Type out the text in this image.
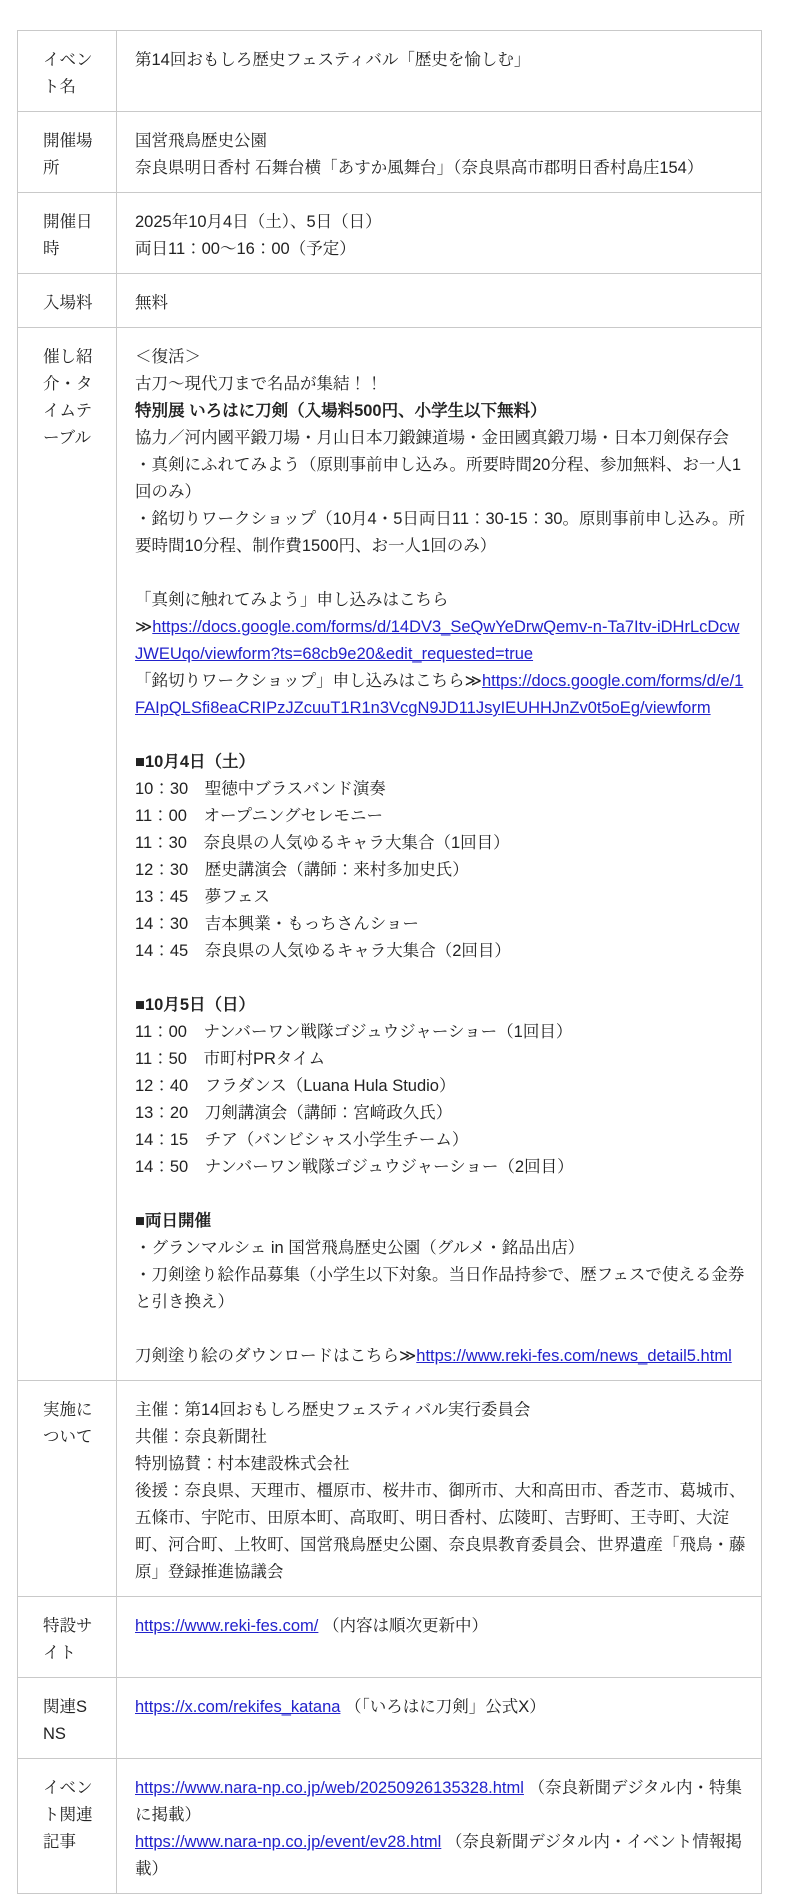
イベント名	第14回おもしろ歴史フェスティバル「歴史を愉しむ」

開催場所	国営飛鳥歴史公園
奈良県明日香村 石舞台横「あすか風舞台」（奈良県高市郡明日香村島庄154）

開催日時	2025年10月4日（土）、5日（日）
両日11：00～16：00（予定）

入場料	無料

催し紹介・タイムテーブル	
＜復活＞
古刀～現代刀まで名品が集結！！
特別展 いろはに刀剣（入場料500円、小学生以下無料）
協力／河内國平鍛刀場・月山日本刀鍛錬道場・金田國真鍛刀場・日本刀剣保存会
・真剣にふれてみよう（原則事前申し込み。所要時間20分程、参加無料、お一人1回のみ）
・銘切りワークショップ（10月4・5日両日11：30-15：30。原則事前申し込み。所要時間10分程、制作費1500円、お一人1回のみ）
「真剣に触れてみよう」申し込みはこちら
≫https://docs.google.com/forms/d/14DV3_SeQwYeDrwQemv-n-Ta7Itv-iDHrLcDcwJWEUqo/viewform?ts=68cb9e20&edit_requested=true
「銘切りワークショップ」申し込みはこちら≫https://docs.google.com/forms/d/e/1FAIpQLSfi8eaCRIPzJZcuuT1R1n3VcgN9JD11JsyIEUHHJnZv0t5oEg/viewform
■10月4日（土）
10：30　聖徳中ブラスバンド演奏
11：00　オープニングセレモニー
11：30　奈良県の人気ゆるキャラ大集合（1回目）
12：30　歴史講演会（講師：来村多加史氏）
13：45　夢フェス
14：30　吉本興業・もっちさんショー
14：45　奈良県の人気ゆるキャラ大集合（2回目）
■10月5日（日）
11：00　ナンバーワン戦隊ゴジュウジャーショー（1回目）
11：50　市町村PRタイム
12：40　フラダンス（Luana Hula Studio）
13：20　刀剣講演会（講師：宮﨑政久氏）
14：15　チア（バンビシャス小学生チーム）
14：50　ナンバーワン戦隊ゴジュウジャーショー（2回目）
■両日開催
・グランマルシェ in 国営飛鳥歴史公園（グルメ・銘品出店）
・刀剣塗り絵作品募集（小学生以下対象。当日作品持参で、歴フェスで使える金券と引き換え）
刀剣塗り絵のダウンロードはこちら≫https://www.reki-fes.com/news_detail5.html

実施について	主催：第14回おもしろ歴史フェスティバル実行委員会
共催：奈良新聞社
特別協賛：村本建設株式会社
後援：奈良県、天理市、橿原市、桜井市、御所市、大和高田市、香芝市、葛城市、五條市、宇陀市、田原本町、高取町、明日香村、広陵町、吉野町、王寺町、大淀町、河合町、上牧町、国営飛鳥歴史公園、奈良県教育委員会、世界遺産「飛鳥・藤原」登録推進協議会

特設サイト	https://www.reki-fes.com/ （内容は順次更新中）

関連SNS	https://x.com/rekifes_katana （「いろはに刀剣」公式X）

イベント関連記事	https://www.nara-np.co.jp/web/20250926135328.html （奈良新聞デジタル内・特集に掲載）
https://www.nara-np.co.jp/event/ev28.html （奈良新聞デジタル内・イベント情報掲載）
